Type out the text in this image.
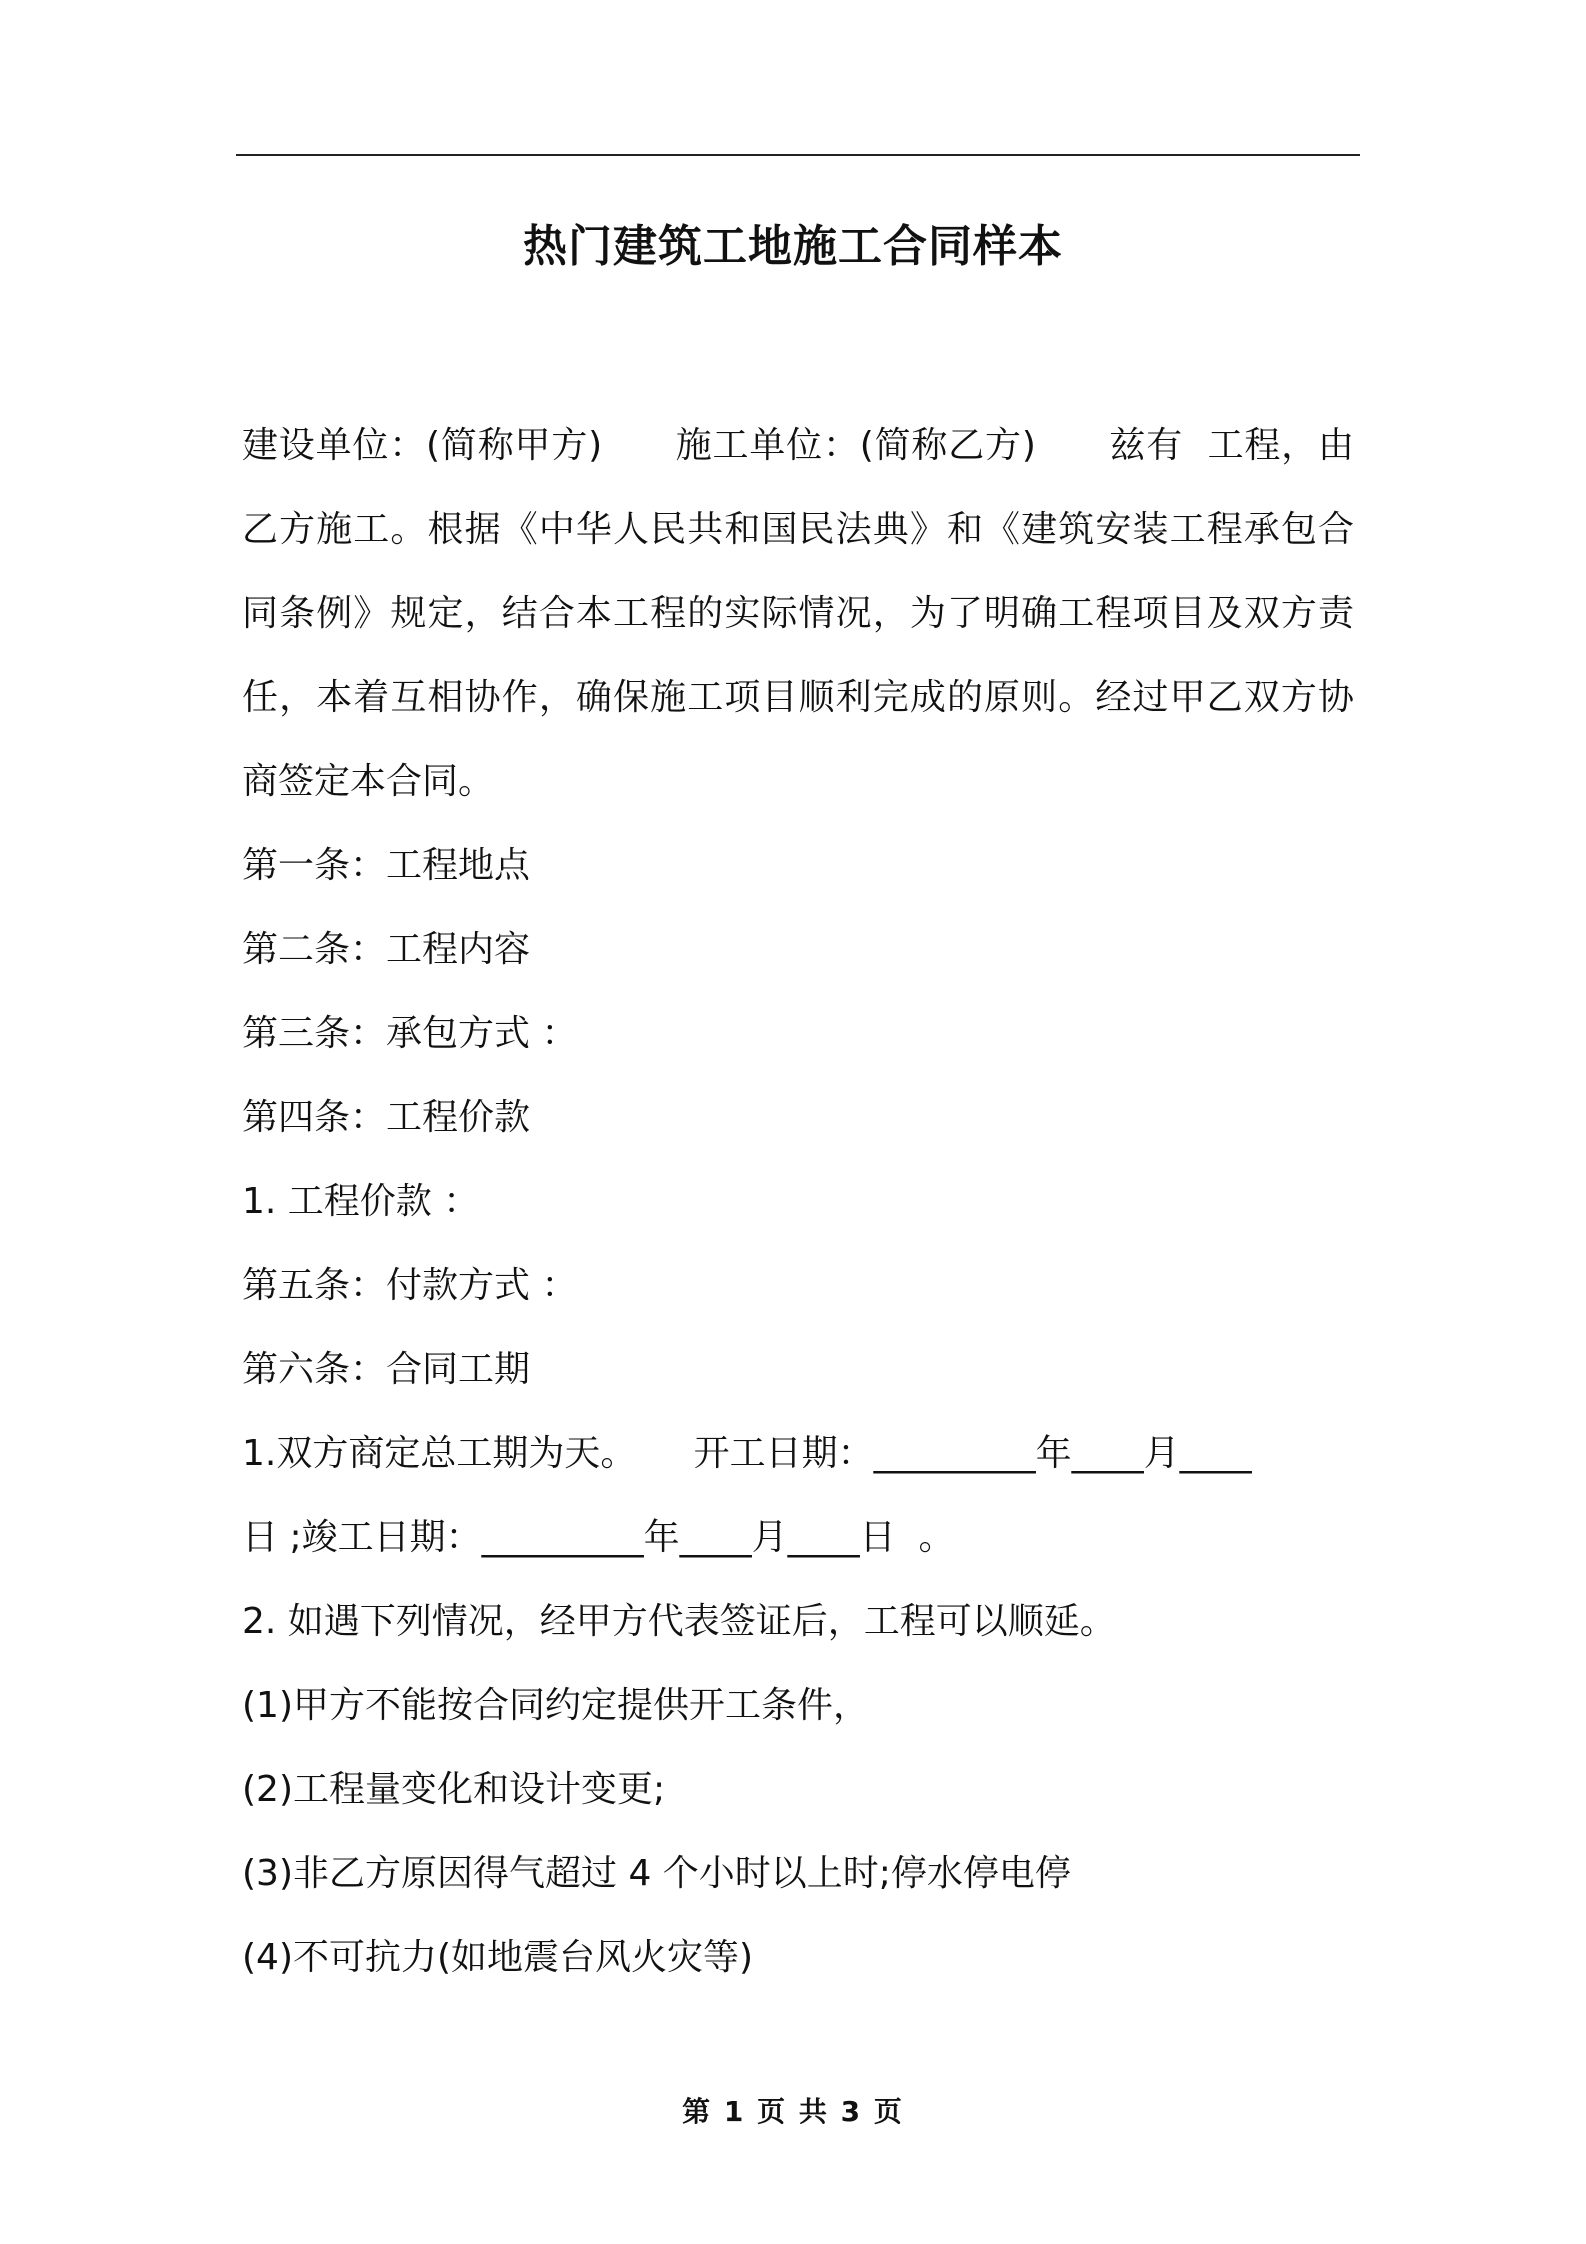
热门建筑工地施工合同样本

建设单位：(简称甲方)      施工单位：(简称乙方)      兹有  工程，由乙方施工。根据《中华人民共和国民法典》和《建筑安装工程承包合同条例》规定，结合本工程的实际情况，为了明确工程项目及双方责任，本着互相协作，确保施工项目顺利完成的原则。经过甲乙双方协商签定本合同。

第一条：工程地点

第二条：工程内容

第三条：承包方式 ：

第四条：工程价款

1. 工程价款 ：

第五条：付款方式 ：

第六条：合同工期

1.双方商定总工期为天。     开工日期：_________年____月____

日 ;竣工日期：_________年____月____日  。

2. 如遇下列情况，经甲方代表签证后，工程可以顺延。

(1)甲方不能按合同约定提供开工条件，

(2)工程量变化和设计变更;

(3)非乙方原因得气超过 4 个小时以上时;停水停电停

(4)不可抗力(如地震台风火灾等)

第 1 页 共 3 页
